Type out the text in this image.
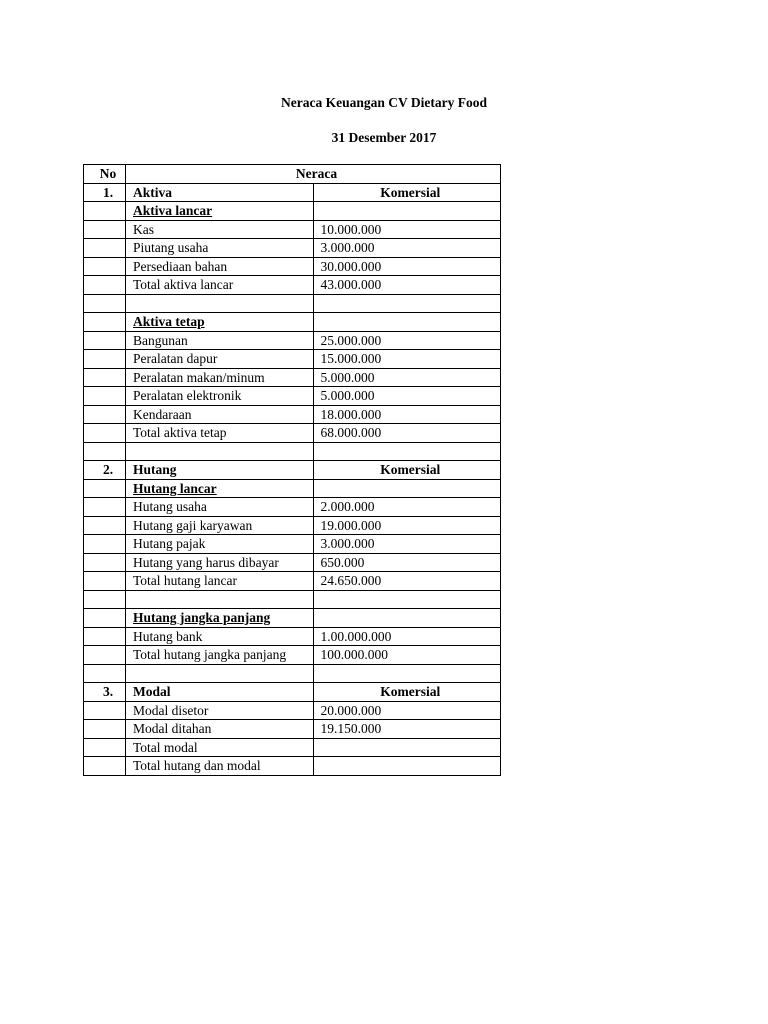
Neraca Keuangan CV Dietary Food
31 Desember 2017
No	Neraca	
1.	Aktiva	Komersial
	Aktiva lancar	
	Kas	10.000.000
	Piutang usaha	3.000.000
	Persediaan bahan	30.000.000
	Total aktiva lancar	43.000.000

	Aktiva tetap	
	Bangunan	25.000.000
	Peralatan dapur	15.000.000
	Peralatan makan/minum	5.000.000
	Peralatan elektronik	5.000.000
	Kendaraan	18.000.000
	Total aktiva tetap	68.000.000

2.	Hutang	Komersial
	Hutang lancar	
	Hutang usaha	2.000.000
	Hutang gaji karyawan	19.000.000
	Hutang pajak	3.000.000
	Hutang yang harus dibayar	650.000
	Total hutang lancar	24.650.000

	Hutang jangka panjang	
	Hutang bank	1.00.000.000
	Total hutang jangka panjang	100.000.000

3.	Modal	Komersial
	Modal disetor	20.000.000
	Modal ditahan	19.150.000
	Total modal	
	Total hutang dan modal	
